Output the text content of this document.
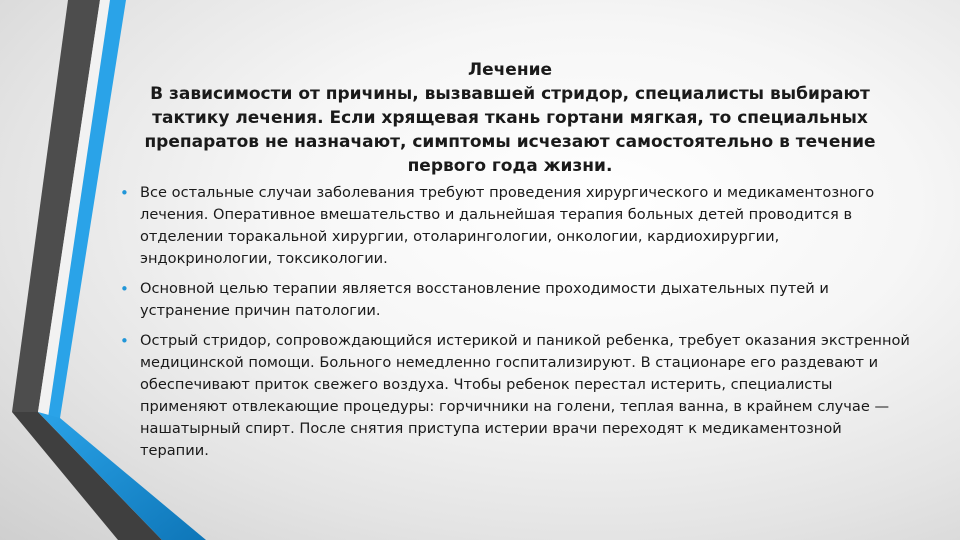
Лечение
В зависимости от причины, вызвавшей стридор, специалисты выбирают тактику лечения. Если хрящевая ткань гортани мягкая, то специальных препаратов не назначают, симптомы исчезают самостоятельно в течение первого года жизни.
• Все остальные случаи заболевания требуют проведения хирургического и медикаментозного лечения. Оперативное вмешательство и дальнейшая терапия больных детей проводится в отделении торакальной хирургии, отоларингологии, онкологии, кардиохирургии, эндокринологии, токсикологии.
• Основной целью терапии является восстановление проходимости дыхательных путей и устранение причин патологии.
• Острый стридор, сопровождающийся истерикой и паникой ребенка, требует оказания экстренной медицинской помощи. Больного немедленно госпитализируют. В стационаре его раздевают и обеспечивают приток свежего воздуха. Чтобы ребенок перестал истерить, специалисты применяют отвлекающие процедуры: горчичники на голени, теплая ванна, в крайнем случае — нашатырный спирт. После снятия приступа истерии врачи переходят к медикаментозной терапии.
